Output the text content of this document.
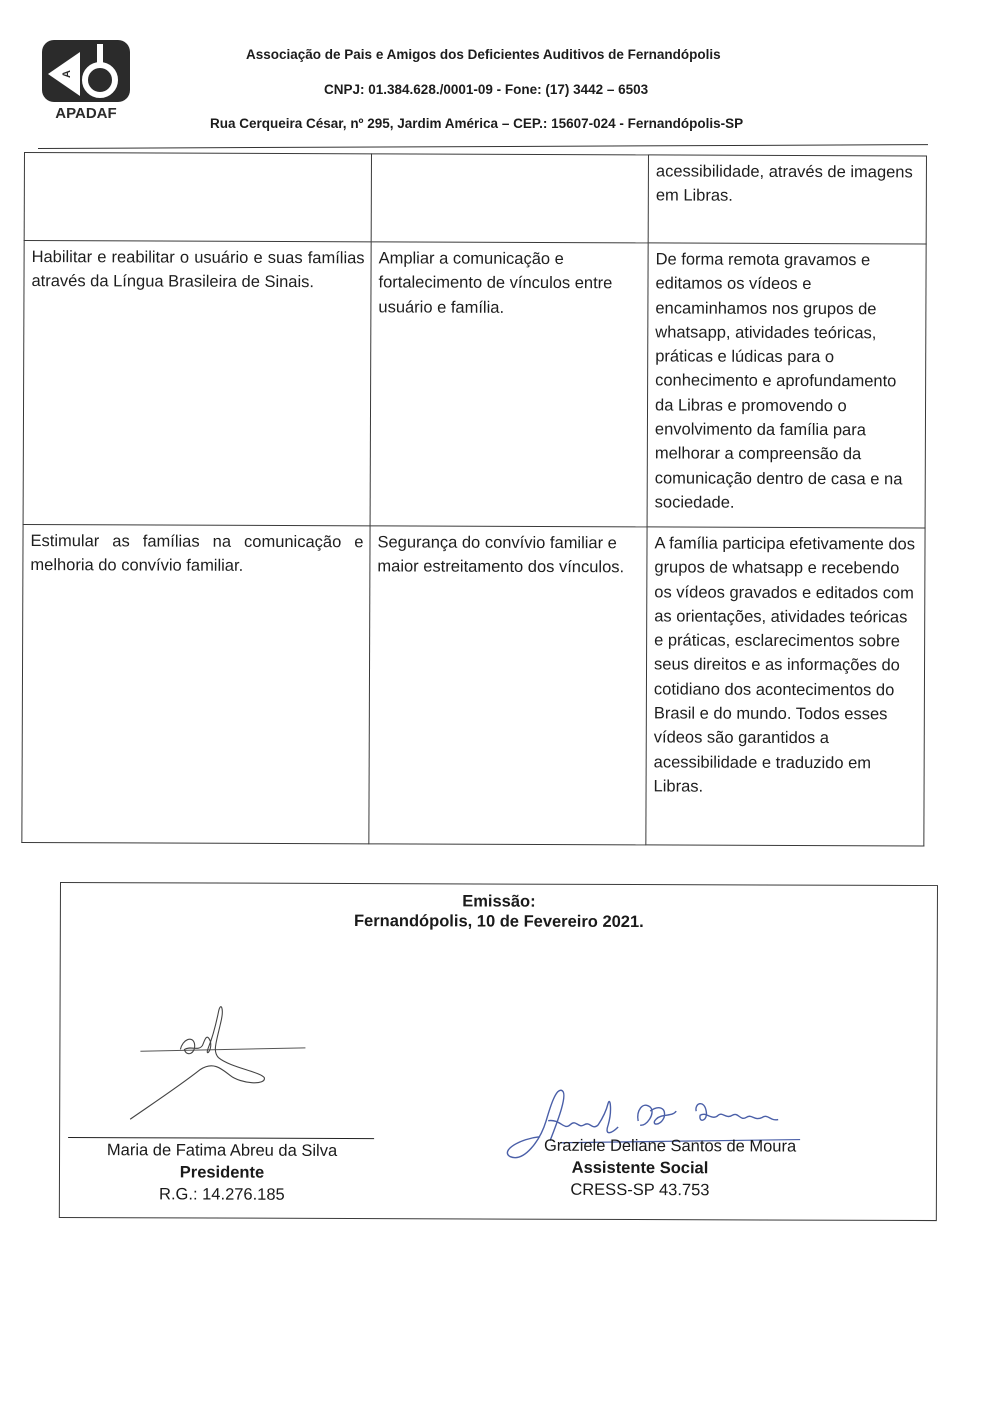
A
APADAF
Associação de Pais e Amigos dos Deficientes Auditivos de Fernandópolis
CNPJ: 01.384.628./0001-09 - Fone: (17) 3442 – 6503
Rua Cerqueira César, nº 295, Jardim América – CEP.: 15607-024 - Fernandópolis-SP
		acessibilidade, através de imagens em Libras.
Habilitar e reabilitar o usuário e suas famílias através da Língua Brasileira de Sinais.	Ampliar a comunicação e fortalecimento de vínculos entre usuário e família.	De forma remota gravamos e editamos os vídeos e encaminhamos nos grupos de whatsapp, atividades teóricas, práticas e lúdicas para o conhecimento e aprofundamento da Libras e promovendo o envolvimento da família para melhorar a compreensão da comunicação dentro de casa e na sociedade.
Estimular as famílias na comunicação e melhoria do convívio familiar.	Segurança do convívio familiar e maior estreitamento dos vínculos.	A família participa efetivamente dos grupos de whatsapp e recebendo os vídeos gravados e editados com as orientações, atividades teóricas e práticas, esclarecimentos sobre seus direitos e as informações do cotidiano dos acontecimentos do Brasil e do mundo. Todos esses vídeos são garantidos a acessibilidade e traduzido em Libras.
Emissão:
Fernandópolis, 10 de Fevereiro 2021.
Maria de Fatima Abreu da Silva
Presidente
R.G.: 14.276.185
Graziele Deliane Santos de Moura
Assistente Social
CRESS-SP 43.753
